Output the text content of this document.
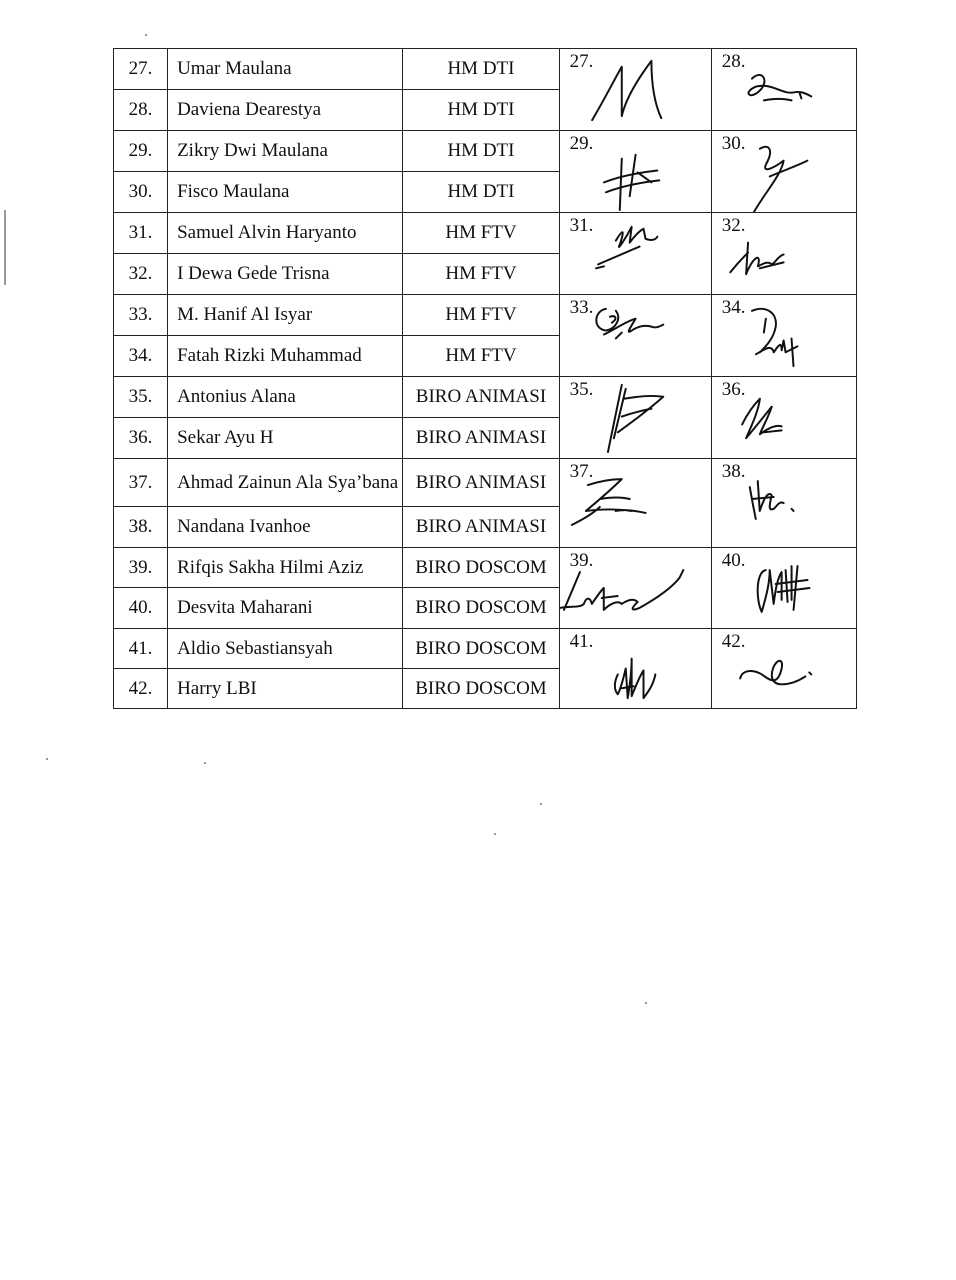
27.	Umar Maulana	HM DTI	27.	28.

28.	Daviena Dearestya	HM DTI		
29.	Zikry Dwi Maulana	HM DTI	29.	30.

30.	Fisco Maulana	HM DTI		
31.	Samuel Alvin Haryanto	HM FTV	31.	32.

32.	I Dewa Gede Trisna	HM FTV		
33.	M. Hanif Al Isyar	HM FTV	33.	34.

34.	Fatah Rizki Muhammad	HM FTV		
35.	Antonius Alana	BIRO ANIMASI	35.	36.

36.	Sekar Ayu H	BIRO ANIMASI		
37.	Ahmad Zainun Ala Sya’bana	BIRO ANIMASI	37.	38.

38.	Nandana Ivanhoe	BIRO ANIMASI		
39.	Rifqis Sakha Hilmi Aziz	BIRO DOSCOM	39.	40.

40.	Desvita Maharani	BIRO DOSCOM		
41.	Aldio Sebastiansyah	BIRO DOSCOM	41.	42.

42.	Harry LBI	BIRO DOSCOM		
